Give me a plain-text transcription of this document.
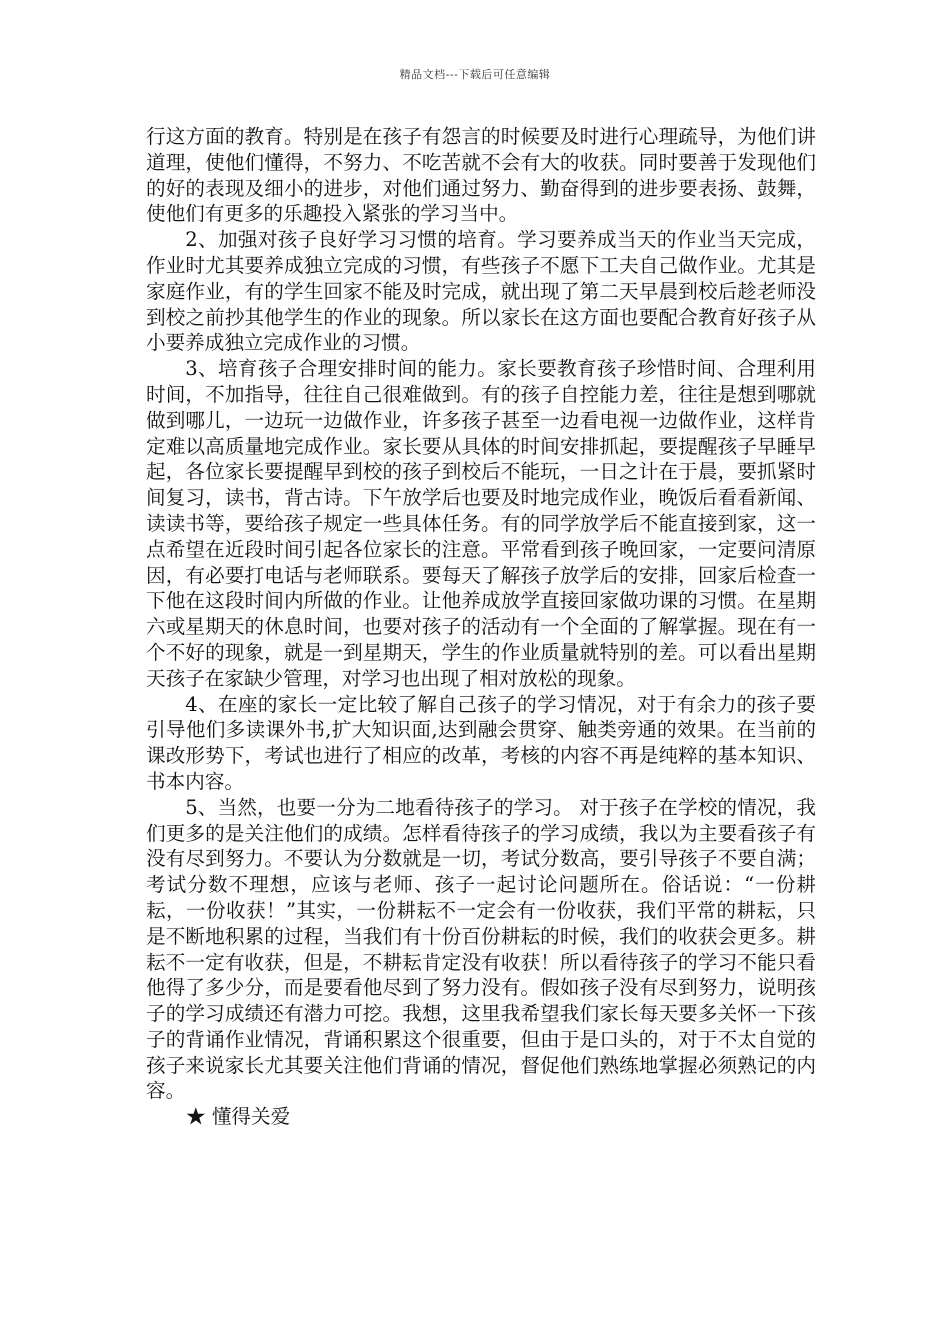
精品文档---下载后可任意编辑

行这方面的教育。特别是在孩子有怨言的时候要及时进行心理疏导，为他们讲道理，使他们懂得，不努力、不吃苦就不会有大的收获。同时要善于发现他们的好的表现及细小的进步，对他们通过努力、勤奋得到的进步要表扬、鼓舞，使他们有更多的乐趣投入紧张的学习当中。

2、加强对孩子良好学习习惯的培育。学习要养成当天的作业当天完成，作业时尤其要养成独立完成的习惯，有些孩子不愿下工夫自己做作业。尤其是家庭作业，有的学生回家不能及时完成，就出现了第二天早晨到校后趁老师没到校之前抄其他学生的作业的现象。所以家长在这方面也要配合教育好孩子从小要养成独立完成作业的习惯。

3、培育孩子合理安排时间的能力。家长要教育孩子珍惜时间、合理利用时间，不加指导，往往自己很难做到。有的孩子自控能力差，往往是想到哪就做到哪儿，一边玩一边做作业，许多孩子甚至一边看电视一边做作业，这样肯定难以高质量地完成作业。家长要从具体的时间安排抓起，要提醒孩子早睡早起，各位家长要提醒早到校的孩子到校后不能玩，一日之计在于晨，要抓紧时间复习，读书，背古诗。下午放学后也要及时地完成作业，晚饭后看看新闻、读读书等，要给孩子规定一些具体任务。有的同学放学后不能直接到家，这一点希望在近段时间引起各位家长的注意。平常看到孩子晚回家，一定要问清原因，有必要打电话与老师联系。要每天了解孩子放学后的安排，回家后检查一下他在这段时间内所做的作业。让他养成放学直接回家做功课的习惯。在星期六或星期天的休息时间，也要对孩子的活动有一个全面的了解掌握。现在有一个不好的现象，就是一到星期天，学生的作业质量就特别的差。可以看出星期天孩子在家缺少管理，对学习也出现了相对放松的现象。

4、在座的家长一定比较了解自己孩子的学习情况，对于有余力的孩子要引导他们多读课外书,扩大知识面,达到融会贯穿、触类旁通的效果。在当前的课改形势下，考试也进行了相应的改革，考核的内容不再是纯粹的基本知识、书本内容。

5、当然，也要一分为二地看待孩子的学习。 对于孩子在学校的情况，我们更多的是关注他们的成绩。怎样看待孩子的学习成绩，我以为主要看孩子有没有尽到努力。不要认为分数就是一切，考试分数高，要引导孩子不要自满；考试分数不理想，应该与老师、孩子一起讨论问题所在。俗话说：“一份耕耘，一份收获！”其实，一份耕耘不一定会有一份收获，我们平常的耕耘，只是不断地积累的过程，当我们有十份百份耕耘的时候，我们的收获会更多。耕耘不一定有收获，但是，不耕耘肯定没有收获！所以看待孩子的学习不能只看他得了多少分，而是要看他尽到了努力没有。假如孩子没有尽到努力，说明孩子的学习成绩还有潜力可挖。我想，这里我希望我们家长每天要多关怀一下孩子的背诵作业情况，背诵积累这个很重要，但由于是口头的，对于不太自觉的孩子来说家长尤其要关注他们背诵的情况，督促他们熟练地掌握必须熟记的内容。

★ 懂得关爱
